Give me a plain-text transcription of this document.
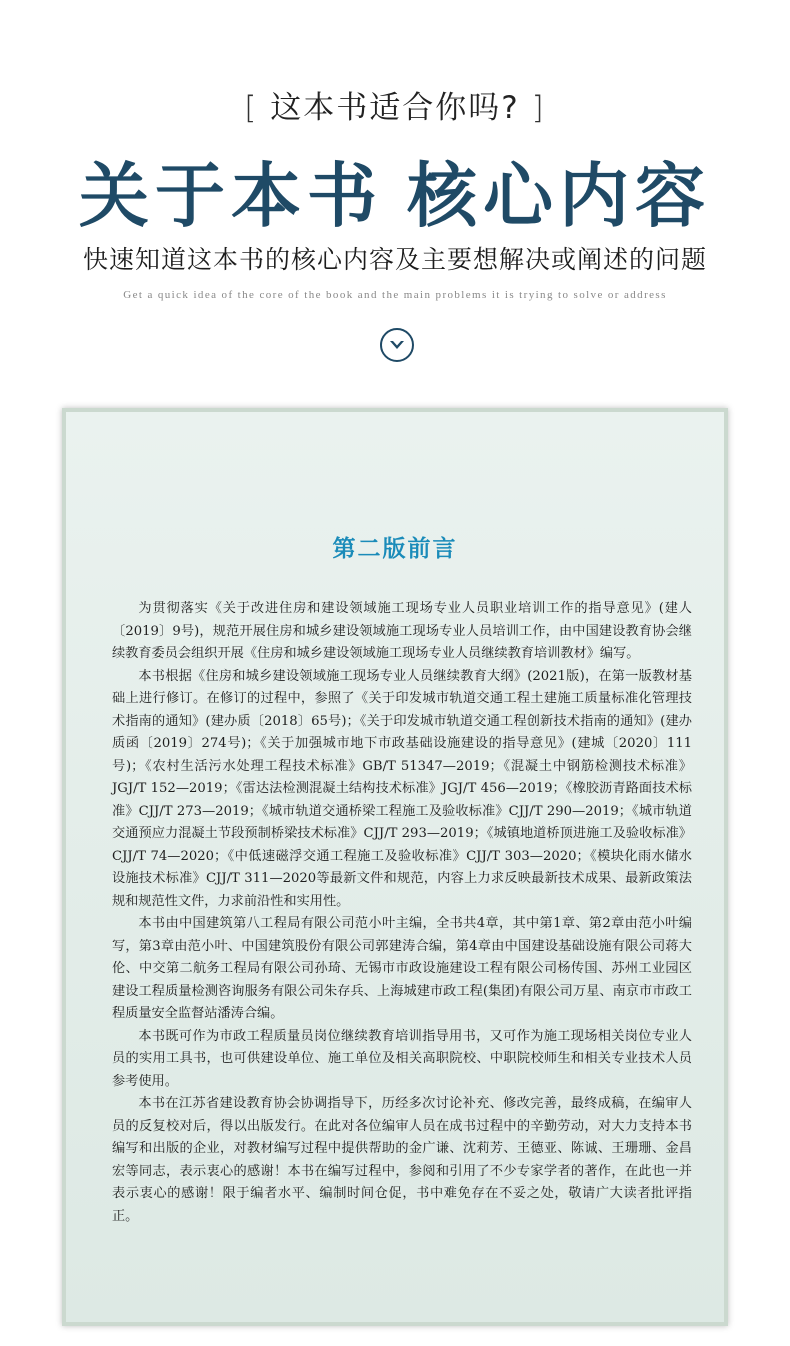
[ 这本书适合你吗? ]
关于本书 核心内容
快速知道这本书的核心内容及主要想解决或阐述的问题
Get a quick idea of the core of the book and the main problems it is trying to solve or address
第二版前言

为贯彻落实《关于改进住房和建设领域施工现场专业人员职业培训工作的指导意见》(建人〔2019〕9号)，规范开展住房和城乡建设领域施工现场专业人员培训工作，由中国建设教育协会继续教育委员会组织开展《住房和城乡建设领域施工现场专业人员继续教育培训教材》编写。

本书根据《住房和城乡建设领域施工现场专业人员继续教育大纲》(2021版)，在第一版教材基础上进行修订。在修订的过程中，参照了《关于印发城市轨道交通工程土建施工质量标准化管理技术指南的通知》(建办质〔2018〕65号)；《关于印发城市轨道交通工程创新技术指南的通知》(建办质函〔2019〕274号)；《关于加强城市地下市政基础设施建设的指导意见》(建城〔2020〕111号)；《农村生活污水处理工程技术标准》GB/T 51347—2019；《混凝土中钢筋检测技术标准》JGJ/T 152—2019；《雷达法检测混凝土结构技术标准》JGJ/T 456—2019；《橡胶沥青路面技术标准》CJJ/T 273—2019；《城市轨道交通桥梁工程施工及验收标准》CJJ/T 290—2019；《城市轨道交通预应力混凝土节段预制桥梁技术标准》CJJ/T 293—2019；《城镇地道桥顶进施工及验收标准》CJJ/T 74—2020；《中低速磁浮交通工程施工及验收标准》CJJ/T 303—2020；《模块化雨水储水设施技术标准》CJJ/T 311—2020等最新文件和规范，内容上力求反映最新技术成果、最新政策法规和规范性文件，力求前沿性和实用性。

本书由中国建筑第八工程局有限公司范小叶主编，全书共4章，其中第1章、第2章由范小叶编写，第3章由范小叶、中国建筑股份有限公司郭建涛合编，第4章由中国建设基础设施有限公司蒋大伦、中交第二航务工程局有限公司孙琦、无锡市市政设施建设工程有限公司杨传国、苏州工业园区建设工程质量检测咨询服务有限公司朱存兵、上海城建市政工程(集团)有限公司万星、南京市市政工程质量安全监督站潘涛合编。

本书既可作为市政工程质量员岗位继续教育培训指导用书，又可作为施工现场相关岗位专业人员的实用工具书，也可供建设单位、施工单位及相关高职院校、中职院校师生和相关专业技术人员参考使用。

本书在江苏省建设教育协会协调指导下，历经多次讨论补充、修改完善，最终成稿，在编审人员的反复校对后，得以出版发行。在此对各位编审人员在成书过程中的辛勤劳动，对大力支持本书编写和出版的企业，对教材编写过程中提供帮助的金广谦、沈莉芳、王德亚、陈诚、王珊珊、金昌宏等同志，表示衷心的感谢！本书在编写过程中，参阅和引用了不少专家学者的著作，在此也一并表示衷心的感谢！限于编者水平、编制时间仓促，书中难免存在不妥之处，敬请广大读者批评指正。
